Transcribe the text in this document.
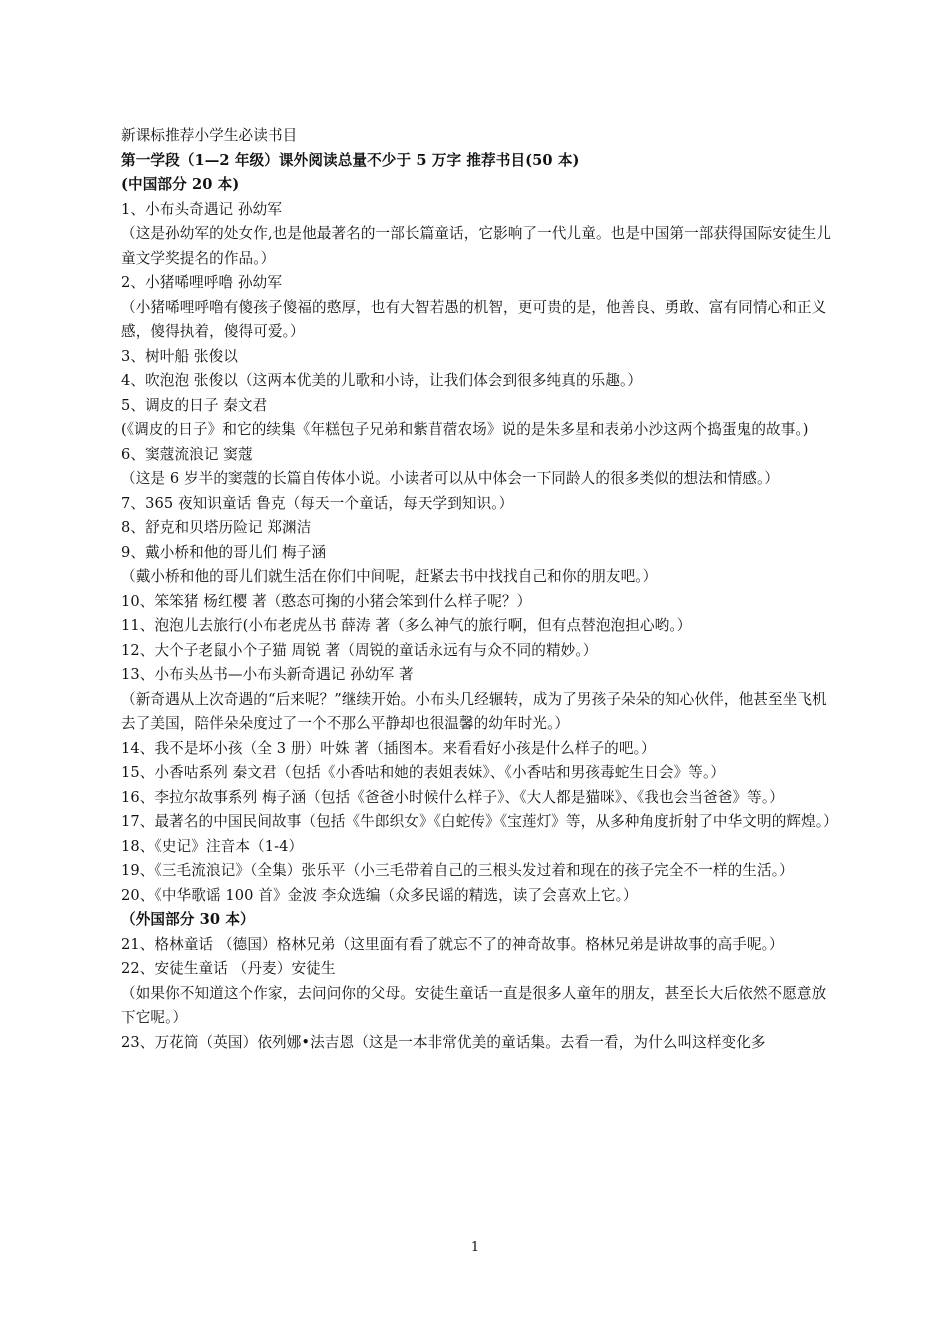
新课标推荐小学生必读书目

第一学段（1—2 年级）课外阅读总量不少于 5 万字 推荐书目(50 本)

(中国部分 20 本)

1、小布头奇遇记 孙幼军

（这是孙幼军的处女作,也是他最著名的一部长篇童话，它影响了一代儿童。也是中国第一部获得国际安徒生儿童文学奖提名的作品。）

2、小猪唏哩呼噜 孙幼军

（小猪唏哩呼噜有傻孩子傻福的憨厚，也有大智若愚的机智，更可贵的是，他善良、勇敢、富有同情心和正义感，傻得执着，傻得可爱。）

3、树叶船 张俊以

4、吹泡泡 张俊以（这两本优美的儿歌和小诗，让我们体会到很多纯真的乐趣。）

5、调皮的日子 秦文君

(《调皮的日子》和它的续集《年糕包子兄弟和紫苜蓿农场》说的是朱多星和表弟小沙这两个捣蛋鬼的故事。)

6、窦蔻流浪记 窦蔻

（这是 6 岁半的窦蔻的长篇自传体小说。小读者可以从中体会一下同龄人的很多类似的想法和情感。）

7、365 夜知识童话 鲁克（每天一个童话，每天学到知识。）

8、舒克和贝塔历险记 郑渊洁

9、戴小桥和他的哥儿们 梅子涵

（戴小桥和他的哥儿们就生活在你们中间呢，赶紧去书中找找自己和你的朋友吧。）

10、笨笨猪 杨红樱 著（憨态可掬的小猪会笨到什么样子呢？）

11、泡泡儿去旅行(小布老虎丛书 薛涛 著（多么神气的旅行啊，但有点替泡泡担心哟。）

12、大个子老鼠小个子猫 周锐 著（周锐的童话永远有与众不同的精妙。）

13、小布头丛书—小布头新奇遇记 孙幼军 著

（新奇遇从上次奇遇的“后来呢？”继续开始。小布头几经辗转，成为了男孩子朵朵的知心伙伴，他甚至坐飞机去了美国，陪伴朵朵度过了一个不那么平静却也很温馨的幼年时光。）

14、我不是坏小孩（全 3 册）叶姝 著（插图本。来看看好小孩是什么样子的吧。）

15、小香咕系列 秦文君（包括《小香咕和她的表姐表妹》、《小香咕和男孩毒蛇生日会》等。）

16、李拉尔故事系列 梅子涵（包括《爸爸小时候什么样子》、《大人都是猫咪》、《我也会当爸爸》等。）

17、最著名的中国民间故事（包括《牛郎织女》《白蛇传》《宝莲灯》等，从多种角度折射了中华文明的辉煌。）

18、《史记》注音本（1-4）

19、《三毛流浪记》（全集）张乐平（小三毛带着自己的三根头发过着和现在的孩子完全不一样的生活。）

20、《中华歌谣 100 首》金波 李众选编（众多民谣的精选，读了会喜欢上它。）

（外国部分 30 本）

21、格林童话 （德国）格林兄弟（这里面有看了就忘不了的神奇故事。格林兄弟是讲故事的高手呢。）

22、安徒生童话 （丹麦）安徒生

（如果你不知道这个作家，去问问你的父母。安徒生童话一直是很多人童年的朋友，甚至长大后依然不愿意放下它呢。）

23、万花筒（英国）依列娜•法吉恩（这是一本非常优美的童话集。去看一看，为什么叫这样变化多

1
